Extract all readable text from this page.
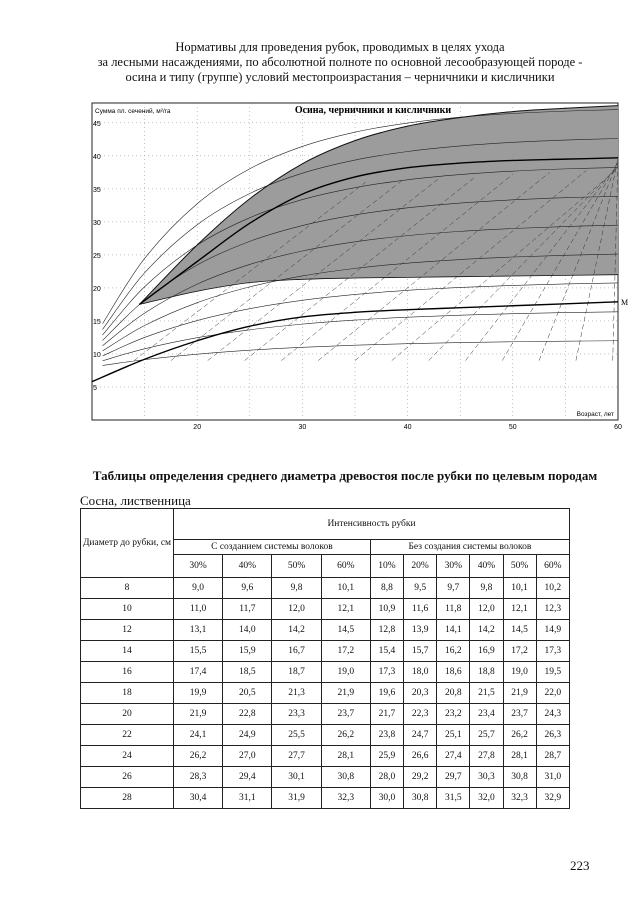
Нормативы для проведения рубок, проводимых в целях ухода
за лесными насаждениями, по абсолютной полноте по основной лесообразующей породе -
осина и типу (группе) условий местопроизрастания – черничники и кисличники
M
Осина, черничники и кисличники
Сумма пл. сечений, м²/га
Возраст, лет
5
10
15
20
25
30
35
40
45
20	30	40	50	60
Таблицы определения среднего диаметра древостоя после рубки по целевым породам
Сосна, лиственница
Диаметр до рубки, см	Интенсивность рубки									
	С созданием системы волоков				Без создания системы волоков					
	30%	40%	50%	60%	10%	20%	30%	40%	50%	60%
8	9,0	9,6	9,8	10,1	8,8	9,5	9,7	9,8	10,1	10,2
10	11,0	11,7	12,0	12,1	10,9	11,6	11,8	12,0	12,1	12,3
12	13,1	14,0	14,2	14,5	12,8	13,9	14,1	14,2	14,5	14,9
14	15,5	15,9	16,7	17,2	15,4	15,7	16,2	16,9	17,2	17,3
16	17,4	18,5	18,7	19,0	17,3	18,0	18,6	18,8	19,0	19,5
18	19,9	20,5	21,3	21,9	19,6	20,3	20,8	21,5	21,9	22,0
20	21,9	22,8	23,3	23,7	21,7	22,3	23,2	23,4	23,7	24,3
22	24,1	24,9	25,5	26,2	23,8	24,7	25,1	25,7	26,2	26,3
24	26,2	27,0	27,7	28,1	25,9	26,6	27,4	27,8	28,1	28,7
26	28,3	29,4	30,1	30,8	28,0	29,2	29,7	30,3	30,8	31,0
28	30,4	31,1	31,9	32,3	30,0	30,8	31,5	32,0	32,3	32,9
223
